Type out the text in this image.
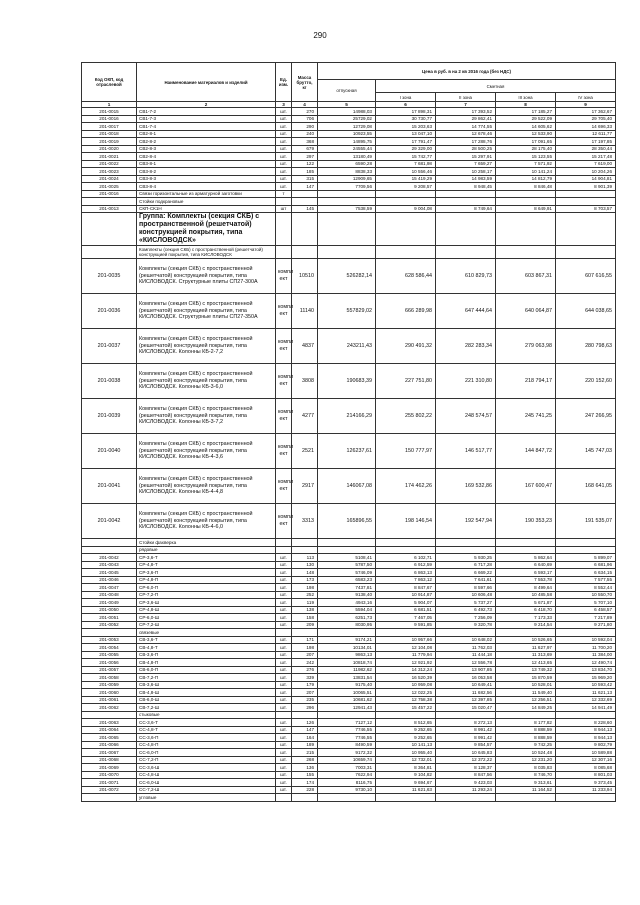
290
Код ОКП, код отраслевой	Наименование материалов и изделий	Ед. изм.	Масса брутто, кг	Цена в руб. в на 2 кв 2016 года (без НДС)				
				отпускная	Сметная			
					I зона	II зона	III зона	IV зона
1	2	3	4	5	6	7	8	9
201-0015	СВ1-7-2	шт.	270	14988,03	17 898,31	17 393,52	17 185,27	17 362,67
201-0016	СВ1-7-3	шт.	706	25729,02	30 730,77	29 862,41	29 522,09	29 705,40
201-0017	СВ1-7-4	шт.	290	12729,08	15 203,63	14 774,55	14 605,62	14 696,33
201-0018	СВ2-8-1	шт.	240	10923,55	13 047,10	12 678,46	12 533,90	12 611,77
201-0019	СВ2-8-2	шт.	368	14895,75	17 791,47	17 288,76	17 091,65	17 197,85
201-0020	СВ2-8-3	шт.	679	24555,44	29 329,00	28 500,25	28 175,40	28 350,44
201-0021	СВ2-8-4	шт.	297	13180,49	15 742,77	15 297,91	15 123,55	15 217,48
201-0022	СВ3-8-1	шт.	122	6590,28	7 681,98	7 659,27	7 571,92	7 619,00
201-0023	СВ3-8-2	шт.	185	8838,33	10 556,46	10 258,17	10 141,24	10 204,26
201-0024	СВ3-8-3	шт.	315	12909,65	15 419,29	14 983,59	14 812,79	14 904,81
201-0025	СВ3-8-4	шт.	147	7709,56	9 208,57	8 948,45	8 846,48	8 901,39
201-0016	Связи горизонтальные из арматурной заготовки	т						
	Стойки подкрановые							
201-0013	СКП-СК1Н	шт	145	7538,59	9 004,08	8 749,64	8 649,91	8 703,57
	Группа: Комплекты (секция СКБ) с пространственной (решетчатой) конструкцией покрытия, типа «КИСЛОВОДСК»							
	Комплекты (секция СКБ) с пространственной (решетчатой) конструкцией покрытия, типа КИСЛОВОДСК							
201-0035	Комплекты (секция СКБ) с пространственной (решетчатой) конструкцией покрытия, типа КИСЛОВОДСК. Структурные плиты СП27-300А	компл ект	10510	526282,14	628 586,44	610 829,73	603 867,31	607 616,55
201-0036	Комплекты (секция СКБ) с пространственной (решетчатой) конструкцией покрытия, типа КИСЛОВОДСК. Структурные плиты СП27-350А	компл ект	11140	557829,02	666 289,98	647 444,64	640 064,87	644 038,65
201-0037	Комплекты (секция СКБ) с пространственной (решетчатой) конструкцией покрытия, типа КИСЛОВОДСК. Колонны КБ-2-7,2	компл ект	4837	243211,43	290 491,32	282 283,34	279 063,98	280 798,63
201-0038	Комплекты (секция СКБ) с пространственной (решетчатой) конструкцией покрытия, типа КИСЛОВОДСК. Колонны КБ-3-6,0	компл ект	3808	190683,39	227 751,80	221 310,80	218 794,17	220 152,60
201-0039	Комплекты (секция СКБ) с пространственной (решетчатой) конструкцией покрытия, типа КИСЛОВОДСК. Колонны КБ-3-7,2	компл ект	4277	214166,29	255 802,22	248 574,57	245 741,25	247 266,95
201-0040	Комплекты (секция СКБ) с пространственной (решетчатой) конструкцией покрытия, типа КИСЛОВОДСК. Колонны КБ-4-3,6	компл ект	2521	126237,61	150 777,97	146 517,77	144 847,72	145 747,03
201-0041	Комплекты (секция СКБ) с пространственной (решетчатой) конструкцией покрытия, типа КИСЛОВОДСК. Колонны КБ-4-4,8	компл ект	2917	146067,08	174 462,26	169 532,86	167 600,47	168 641,05
201-0042	Комплекты (секция СКБ) с пространственной (решетчатой) конструкцией покрытия, типа КИСЛОВОДСК. Колонны КБ-4-6,0	компл ект	3313	165896,55	198 146,54	192 547,94	190 353,23	191 535,07
	Стойки фахверка							
	рядовые							
201-0042	СР-3,6-Т	шт.	113	5108,41	6 102,71	5 930,25	5 862,64	5 899,07
201-0043	СР-4,8-Т	шт.	130	5787,50	6 912,59	6 717,28	6 640,69	6 681,96
201-0045	СР-3,6-П	шт.	148	5746,09	6 863,13	6 669,22	6 593,17	6 634,15
201-0046	СР-4,8-П	шт.	173	6583,23	7 863,12	7 641,61	7 553,78	7 577,55
201-0047	СР-6,0-П	шт.	198	7437,81	8 847,67	8 597,66	8 499,64	8 552,44
201-0048	СР-7,2-П	шт.	252	9138,40	10 914,87	10 606,48	10 485,58	10 550,70
201-0049	СР-3,6-Ш	шт.	119	4943,16	5 904,07	5 737,27	5 671,87	5 707,10
201-0050	СР-4,8-Ш	шт.	138	5594,04	6 681,51	6 492,73	6 418,70	6 458,57
201-0051	СР-6,0-Ш	шт.	158	6251,73	7 467,05	7 256,09	7 173,33	7 217,89
201-0052	СР-7,2-Ш	шт.	209	8030,95	9 591,85	9 320,78	9 214,54	9 271,80
	связевые							
201-0053	СВ-3,6-Т	шт.	171	9174,21	10 957,66	10 648,02	10 526,65	10 592,04
201-0054	СВ-4,8-Т	шт.	198	10134,01	12 104,08	11 762,03	11 627,97	11 700,20
201-0055	СВ-3,6-П	шт.	207	9863,13	11 779,94	11 444,18	11 313,69	11 384,00
201-0056	СВ-4,8-П	шт.	242	10818,74	12 921,92	12 556,78	12 413,65	12 490,74
201-0057	СВ-6,0-П	шт.	276	11982,62	14 312,24	13 907,85	13 749,32	13 834,70
201-0058	СВ-7,2-П	шт.	339	13831,54	16 520,39	16 053,58	15 870,59	15 969,20
201-0059	СВ-3,6-Ш	шт.	179	9175,40	10 959,08	10 649,41	10 528,01	10 593,42
201-0060	СВ-4,8-Ш	шт.	207	10065,51	12 022,25	11 682,56	11 549,40	11 621,13
201-0061	СВ-6,0-Ш	шт.	235	10681,62	12 758,38	12 397,85	12 256,51	12 332,69
201-0062	СВ-7,2-Ш	шт.	296	12941,43	15 457,22	15 020,47	14 849,25	14 941,49
	стыковые							
201-0063	СС-3,6-Т	шт.	126	7127,12	8 512,65	8 272,13	8 177,82	8 228,60
201-0064	СС-4,8-Т	шт.	147	7746,55	9 252,65	8 991,42	8 888,59	8 944,13
201-0065	СС-3,6-П	шт.	164	7746,55	9 252,65	8 991,42	8 888,59	8 944,13
201-0066	СС-4,8-П	шт.	189	8490,59	10 141,13	9 854,57	9 742,25	9 802,79
201-0067	СС-6,0-П	шт.	215	9172,32	10 955,40	10 645,83	10 524,48	10 589,88
201-0068	СС-7,2-П	шт.	268	10659,74	12 732,01	12 372,22	12 231,20	12 307,16
201-0069	СС-3,6-Ш	шт.	136	7003,31	8 364,81	8 128,37	8 035,83	8 085,68
201-0070	СС-4,8-Ш	шт.	155	7622,94	9 104,82	8 847,56	8 746,70	8 801,03
201-0071	СС-6,0-Ш	шт.	174	8116,75	9 694,67	9 423,03	9 313,61	9 373,45
201-0072	СС-7,2-Ш	шт.	228	9730,10	11 621,63	11 293,24	11 164,52	11 233,94
	угловые							
